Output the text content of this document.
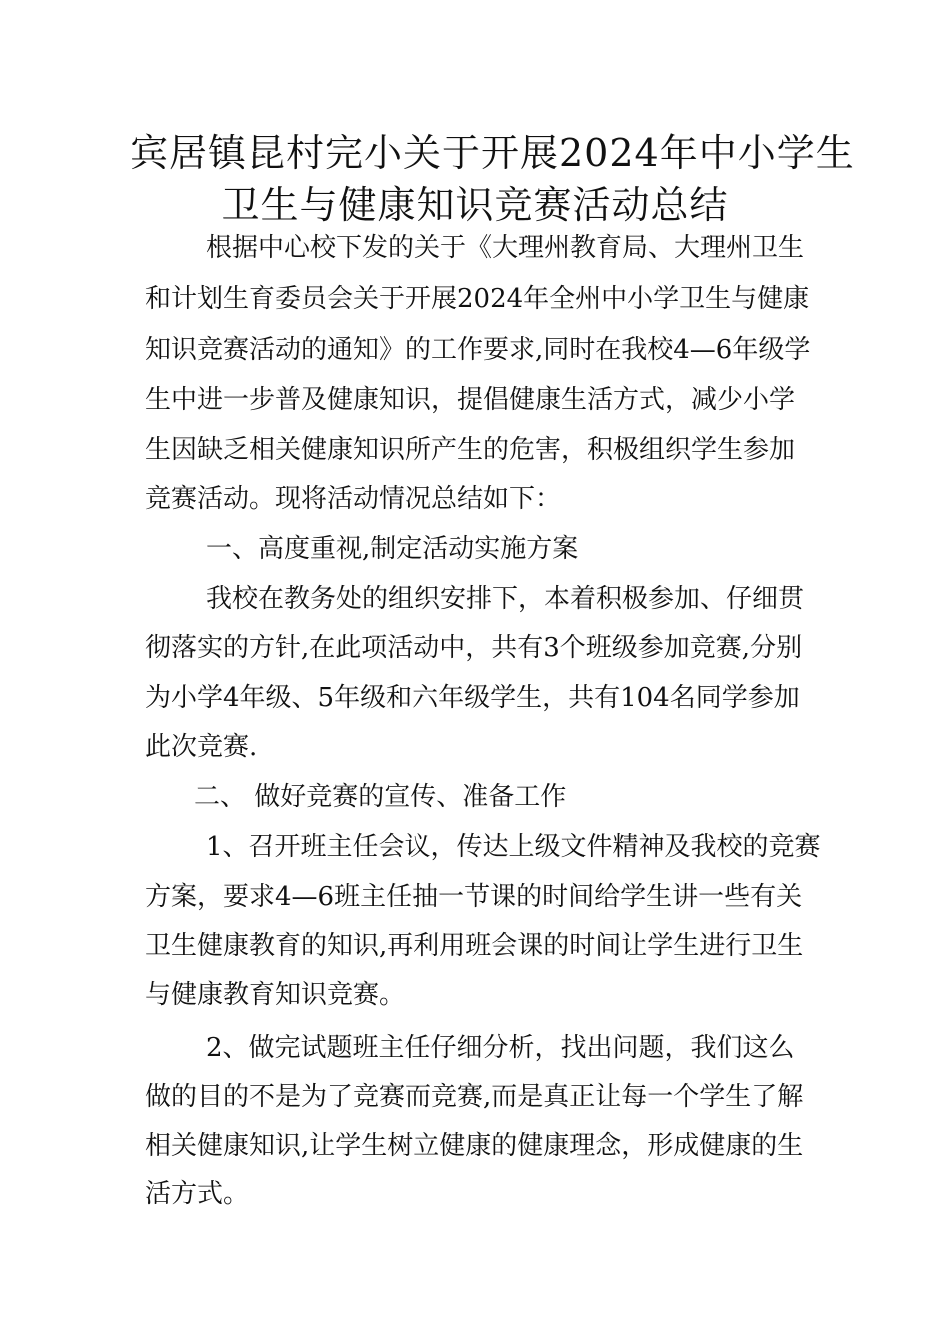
宾居镇昆村完小关于开展2024年中小学生
卫生与健康知识竞赛活动总结

根据中心校下发的关于《大理州教育局、大理州卫生

和计划生育委员会关于开展2024年全州中小学卫生与健康

知识竞赛活动的通知》的工作要求,同时在我校4—6年级学

生中进一步普及健康知识，提倡健康生活方式，减少小学

生因缺乏相关健康知识所产生的危害，积极组织学生参加

竞赛活动。现将活动情况总结如下：

一、高度重视,制定活动实施方案

我校在教务处的组织安排下，本着积极参加、仔细贯

彻落实的方针,在此项活动中，共有3个班级参加竞赛,分别

为小学4年级、5年级和六年级学生，共有104名同学参加

此次竞赛.

二、 做好竞赛的宣传、准备工作

1、召开班主任会议，传达上级文件精神及我校的竞赛

方案，要求4—6班主任抽一节课的时间给学生讲一些有关

卫生健康教育的知识,再利用班会课的时间让学生进行卫生

与健康教育知识竞赛。

2、做完试题班主任仔细分析，找出问题，我们这么

做的目的不是为了竞赛而竞赛,而是真正让每一个学生了解

相关健康知识,让学生树立健康的健康理念，形成健康的生

活方式。
